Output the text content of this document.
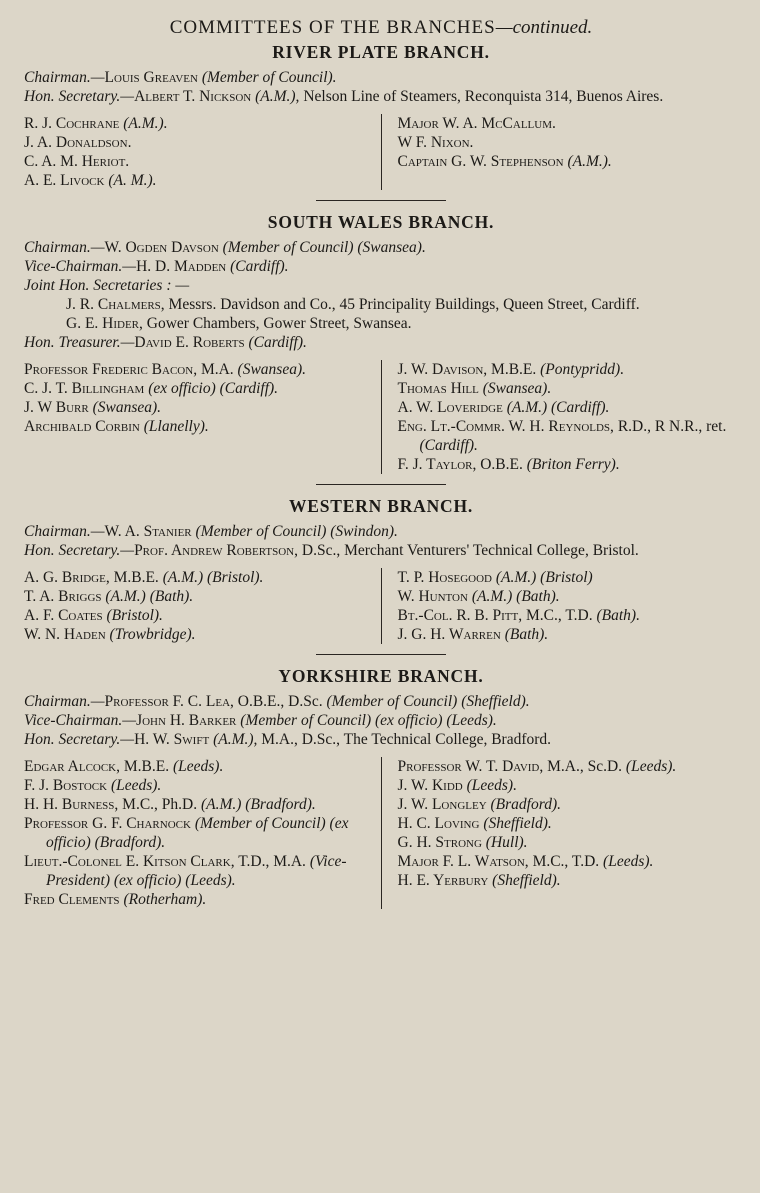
COMMITTEES OF THE BRANCHES—continued.
RIVER PLATE BRANCH.

Chairman.—Louis Greaven (Member of Council).

Hon. Secretary.—Albert T. Nickson (A.M.), Nelson Line of Steamers, Reconquista 314, Buenos Aires.

R. J. Cochrane (A.M.).

J. A. Donaldson.

C. A. M. Heriot.

A. E. Livock (A. M.).

Major W. A. McCallum.

W F. Nixon.

Captain G. W. Stephenson (A.M.).

SOUTH WALES BRANCH.

Chairman.—W. Ogden Davson (Member of Council) (Swansea).

Vice-Chairman.—H. D. Madden (Cardiff).

Joint Hon. Secretaries : —

J. R. Chalmers, Messrs. Davidson and Co., 45 Principality Buildings, Queen Street, Cardiff.

G. E. Hider, Gower Chambers, Gower Street, Swansea.

Hon. Treasurer.—David E. Roberts (Cardiff).

Professor Frederic Bacon, M.A. (Swansea).

C. J. T. Billingham (ex officio) (Cardiff).

J. W Burr (Swansea).

Archibald Corbin (Llanelly).

J. W. Davison, M.B.E. (Pontypridd).

Thomas Hill (Swansea).

A. W. Loveridge (A.M.) (Cardiff).

Eng. Lt.-Commr. W. H. Reynolds, R.D., R N.R., ret. (Cardiff).

F. J. Taylor, O.B.E. (Briton Ferry).

WESTERN BRANCH.

Chairman.—W. A. Stanier (Member of Council) (Swindon).

Hon. Secretary.—Prof. Andrew Robertson, D.Sc., Merchant Venturers' Technical College, Bristol.

A. G. Bridge, M.B.E. (A.M.) (Bristol).

T. A. Briggs (A.M.) (Bath).

A. F. Coates (Bristol).

W. N. Haden (Trowbridge).

T. P. Hosegood (A.M.) (Bristol)

W. Hunton (A.M.) (Bath).

Bt.-Col. R. B. Pitt, M.C., T.D. (Bath).

J. G. H. Warren (Bath).

YORKSHIRE BRANCH.

Chairman.—Professor F. C. Lea, O.B.E., D.Sc. (Member of Council) (Sheffield).

Vice-Chairman.—John H. Barker (Member of Council) (ex officio) (Leeds).

Hon. Secretary.—H. W. Swift (A.M.), M.A., D.Sc., The Technical College, Bradford.

Edgar Alcock, M.B.E. (Leeds).

F. J. Bostock (Leeds).

H. H. Burness, M.C., Ph.D. (A.M.) (Bradford).

Professor G. F. Charnock (Member of Council) (ex officio) (Bradford).

Lieut.-Colonel E. Kitson Clark, T.D., M.A. (Vice-President) (ex officio) (Leeds).

Fred Clements (Rotherham).

Professor W. T. David, M.A., Sc.D. (Leeds).

J. W. Kidd (Leeds).

J. W. Longley (Bradford).

H. C. Loving (Sheffield).

G. H. Strong (Hull).

Major F. L. Watson, M.C., T.D. (Leeds).

H. E. Yerbury (Sheffield).
